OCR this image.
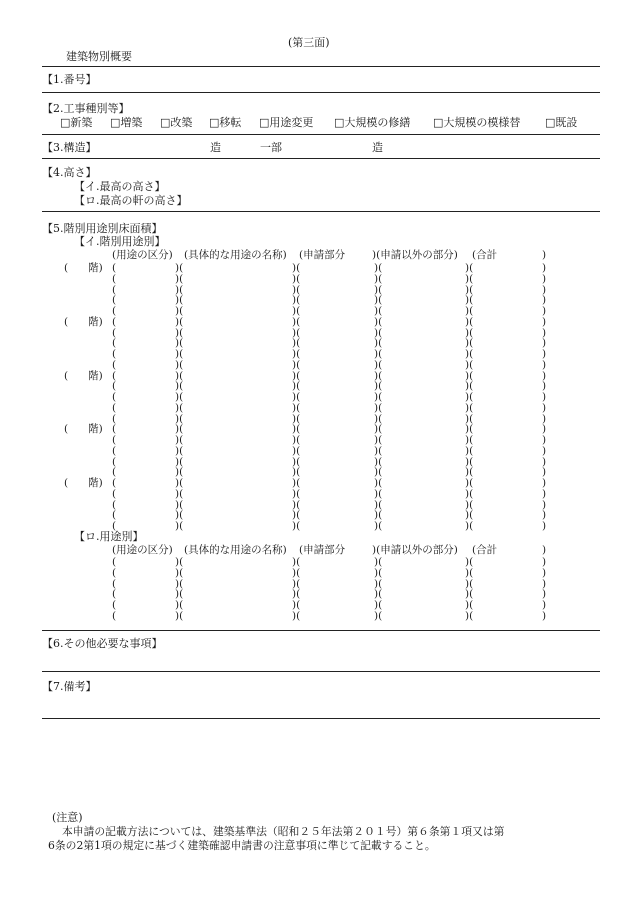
(第三面)
建築物別概要
【1.番号】
【2.工事種別等】
□新築 □増築 □改築 □移転 □用途変更 □大規模の修繕 □大規模の模様替 □既設
【3.構造】	造	一部	造
【4.高さ】
【イ.最高の高さ】
【ロ.最高の軒の高さ】
【5.階別用途別床面積】
【イ.階別用途別】
(用途の区分) (具体的な用途の名称) (申請部分	)(申請以外の部分) (合計	)
(      階) (	)(	)(	)(	)(	)
(	)(	)(	)(	)(	)
(	)(	)(	)(	)(	)
(	)(	)(	)(	)(	)
(	)(	)(	)(	)(	)
(      階) (	)(	)(	)(	)(	)
(	)(	)(	)(	)(	)
(	)(	)(	)(	)(	)
(	)(	)(	)(	)(	)
(	)(	)(	)(	)(	)
(      階) (	)(	)(	)(	)(	)
(	)(	)(	)(	)(	)
(	)(	)(	)(	)(	)
(	)(	)(	)(	)(	)
(	)(	)(	)(	)(	)
(      階) (	)(	)(	)(	)(	)
(	)(	)(	)(	)(	)
(	)(	)(	)(	)(	)
(	)(	)(	)(	)(	)
(	)(	)(	)(	)(	)
(      階) (	)(	)(	)(	)(	)
(	)(	)(	)(	)(	)
(	)(	)(	)(	)(	)
(	)(	)(	)(	)(	)
(	)(	)(	)(	)(	)
【ロ.用途別】
(用途の区分) (具体的な用途の名称) (申請部分	)(申請以外の部分) (合計	)
(	)(	)(	)(	)(	)
(	)(	)(	)(	)(	)
(	)(	)(	)(	)(	)
(	)(	)(	)(	)(	)
(	)(	)(	)(	)(	)
(	)(	)(	)(	)(	)
【6.その他必要な事項】
【7.備考】
(注意)
本申請の記載方法については、建築基準法（昭和２５年法第２０１号）第６条第１項又は第
6条の2第1項の規定に基づく建築確認申請書の注意事項に準じて記載すること。
